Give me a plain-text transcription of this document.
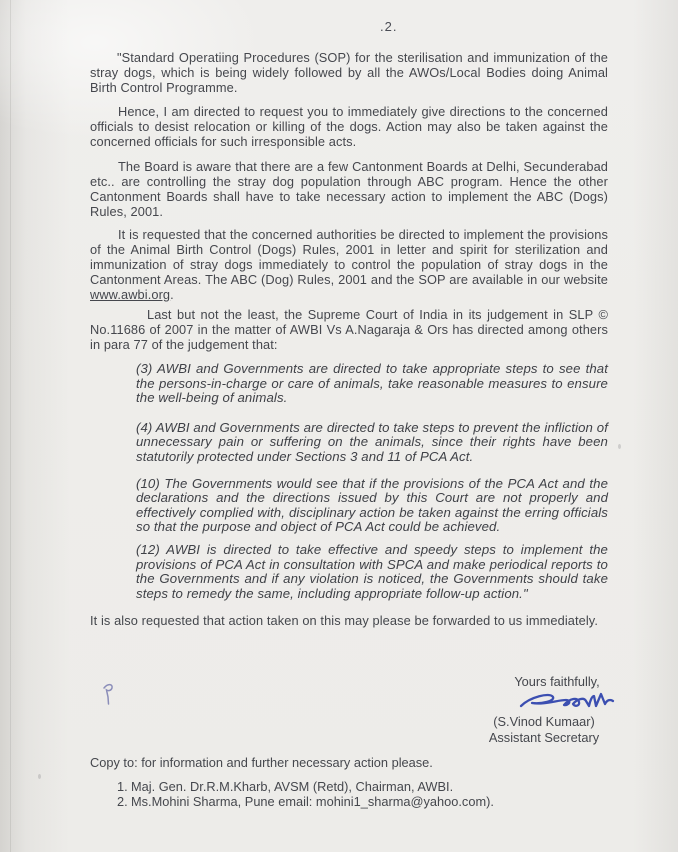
.2.

"Standard Operatiing Procedures (SOP) for the sterilisation and immunization of the stray dogs, which is being widely followed by all the AWOs/Local Bodies doing Animal Birth Control Programme.

Hence, I am directed to request you to immediately give directions to the concerned officials to desist relocation or killing of the dogs. Action may also be taken against the concerned officials for such irresponsible acts.

The Board is aware that there are a few Cantonment Boards at Delhi, Secunderabad etc.. are controlling the stray dog population through ABC program. Hence the other Cantonment Boards shall have to take necessary action to implement the ABC (Dogs) Rules, 2001.

It is requested that the concerned authorities be directed to implement the provisions of the Animal Birth Control (Dogs) Rules, 2001 in letter and spirit for sterilization and immunization of stray dogs immediately to control the population of stray dogs in the Cantonment Areas. The ABC (Dog) Rules, 2001 and the SOP are available in our website www.awbi.org.

Last but not the least, the Supreme Court of India in its judgement in SLP © No.11686 of 2007 in the matter of AWBI Vs A.Nagaraja & Ors has directed among others in para 77 of the judgement that:

(3) AWBI and Governments are directed to take appropriate steps to see that the persons-in-charge or care of animals, take reasonable measures to ensure the well-being of animals.

(4) AWBI and Governments are directed to take steps to prevent the infliction of unnecessary pain or suffering on the animals, since their rights have been statutorily protected under Sections 3 and 11 of PCA Act.

(10) The Governments would see that if the provisions of the PCA Act and the declarations and the directions issued by this Court are not properly and effectively complied with, disciplinary action be taken against the erring officials so that the purpose and object of PCA Act could be achieved.

(12) AWBI is directed to take effective and speedy steps to implement the provisions of PCA Act in consultation with SPCA and make periodical reports to the Governments and if any violation is noticed, the Governments should take steps to remedy the same, including appropriate follow-up action."

It is also requested that action taken on this may please be forwarded to us immediately.

Yours faithfully,
(S.Vinod Kumaar)
Assistant Secretary
Copy to: for information and further necessary action please.
1. Maj. Gen. Dr.R.M.Kharb, AVSM (Retd), Chairman, AWBI.
2. Ms.Mohini Sharma, Pune email: mohini1_sharma@yahoo.com).
